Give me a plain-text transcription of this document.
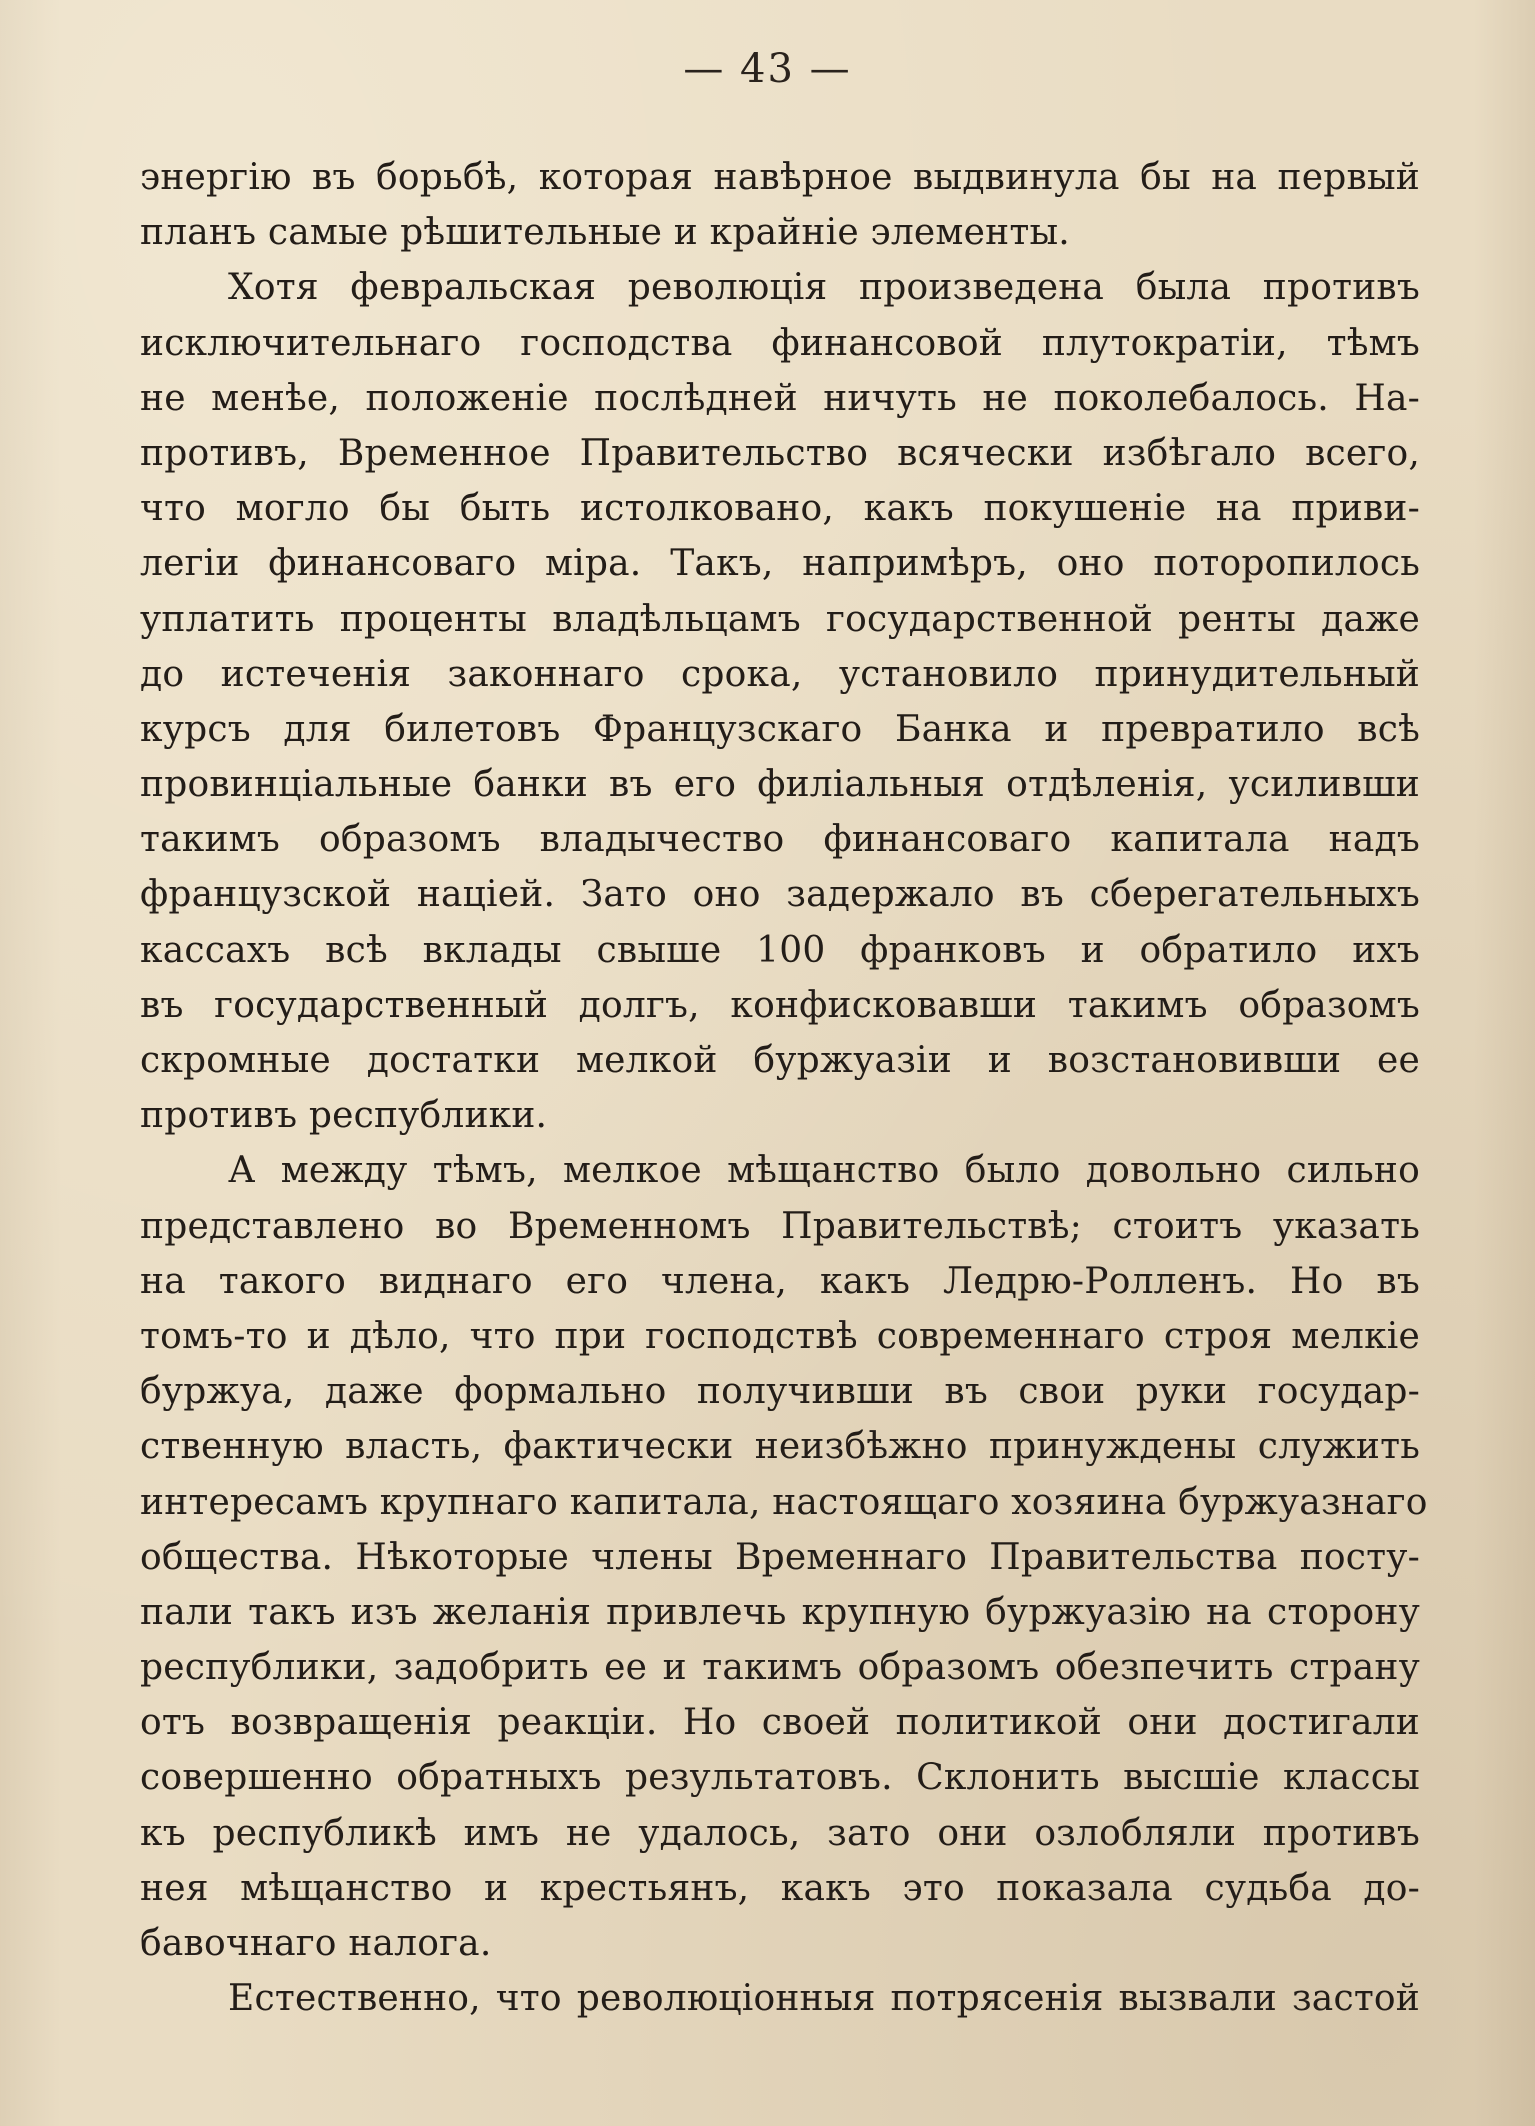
— 43 —
энергію въ борьбѣ, которая навѣрное выдвинула бы на первый
планъ самые рѣшительные и крайніе элементы.
Хотя февральская революція произведена была противъ
исключительнаго господства финансовой плутократіи, тѣмъ
не менѣе, положеніе послѣдней ничуть не поколебалось. На-
противъ, Временное Правительство всячески избѣгало всего,
что могло бы быть истолковано, какъ покушеніе на приви-
легіи финансоваго міра. Такъ, напримѣръ, оно поторопилось
уплатить проценты владѣльцамъ государственной ренты даже
до истеченія законнаго срока, установило принудительный
курсъ для билетовъ Французскаго Банка и превратило всѣ
провинціальные банки въ его филіальныя отдѣленія, усиливши
такимъ образомъ владычество финансоваго капитала надъ
французской націей. Зато оно задержало въ сберегательныхъ
кассахъ всѣ вклады свыше 100 франковъ и обратило ихъ
въ государственный долгъ, конфисковавши такимъ образомъ
скромные достатки мелкой буржуазіи и возстановивши ее
противъ республики.
А между тѣмъ, мелкое мѣщанство было довольно сильно
представлено во Временномъ Правительствѣ; стоитъ указать
на такого виднаго его члена, какъ Ледрю-Ролленъ. Но въ
томъ-то и дѣло, что при господствѣ современнаго строя мелкіе
буржуа, даже формально получивши въ свои руки государ-
ственную власть, фактически неизбѣжно принуждены служить
интересамъ крупнаго капитала, настоящаго хозяина буржуазнаго
общества. Нѣкоторые члены Временнаго Правительства посту-
пали такъ изъ желанія привлечь крупную буржуазію на сторону
республики, задобрить ее и такимъ образомъ обезпечить страну
отъ возвращенія реакціи. Но своей политикой они достигали
совершенно обратныхъ результатовъ. Склонить высшіе классы
къ республикѣ имъ не удалось, зато они озлобляли противъ
нея мѣщанство и крестьянъ, какъ это показала судьба до-
бавочнаго налога.
Естественно, что революціонныя потрясенія вызвали застой
